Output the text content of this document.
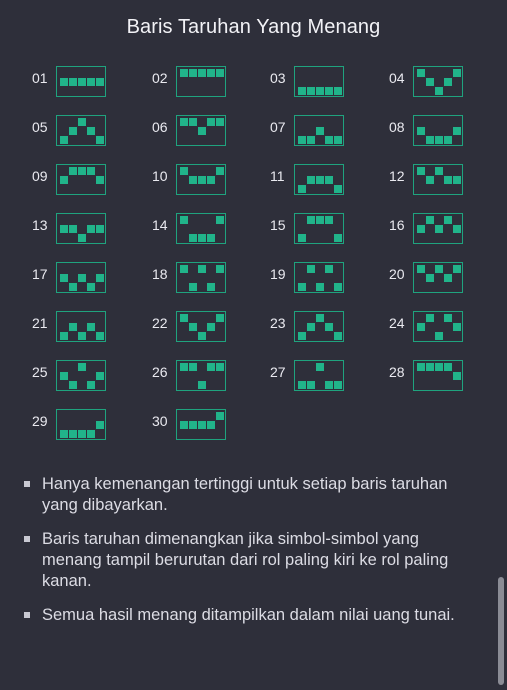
Baris Taruhan Yang Menang
01	02	03	04
05	06	07	08
09	10	11	12
13	14	15	16
17	18	19	20
21	22	23	24
25	26	27	28
29	30
Hanya kemenangan tertinggi untuk setiap baris taruhan yang dibayarkan.
Baris taruhan dimenangkan jika simbol-simbol yang menang tampil berurutan dari rol paling kiri ke rol paling kanan.
Semua hasil menang ditampilkan dalam nilai uang tunai.
